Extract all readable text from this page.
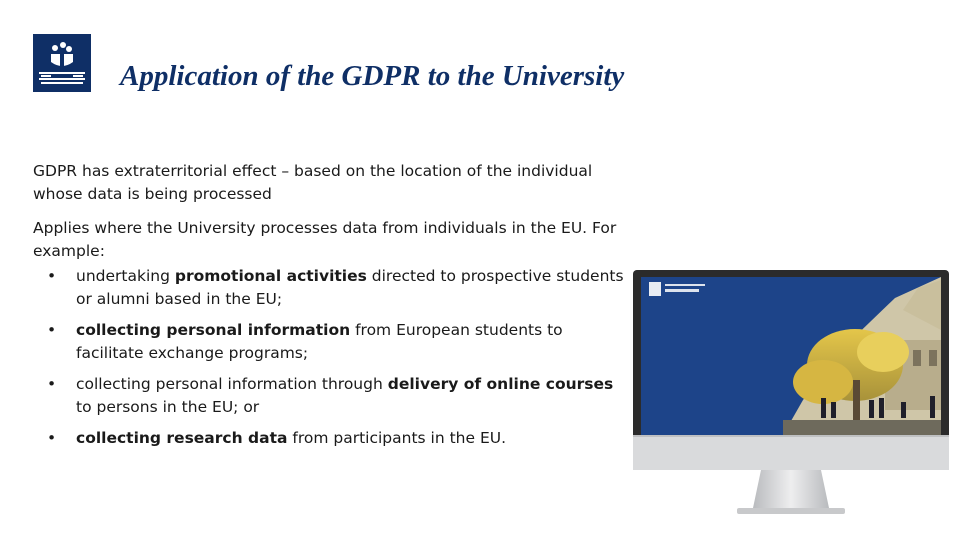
Application of the GDPR to the University

GDPR has extraterritorial effect – based on the location of the individual whose data is being processed

Applies where the University processes data from individuals in the EU. For example:

• undertaking promotional activities directed to prospective students or alumni based in the EU;
• collecting personal information from European students to facilitate exchange programs;
• collecting personal information through delivery of online courses to persons in the EU; or
• collecting research data from participants in the EU.
